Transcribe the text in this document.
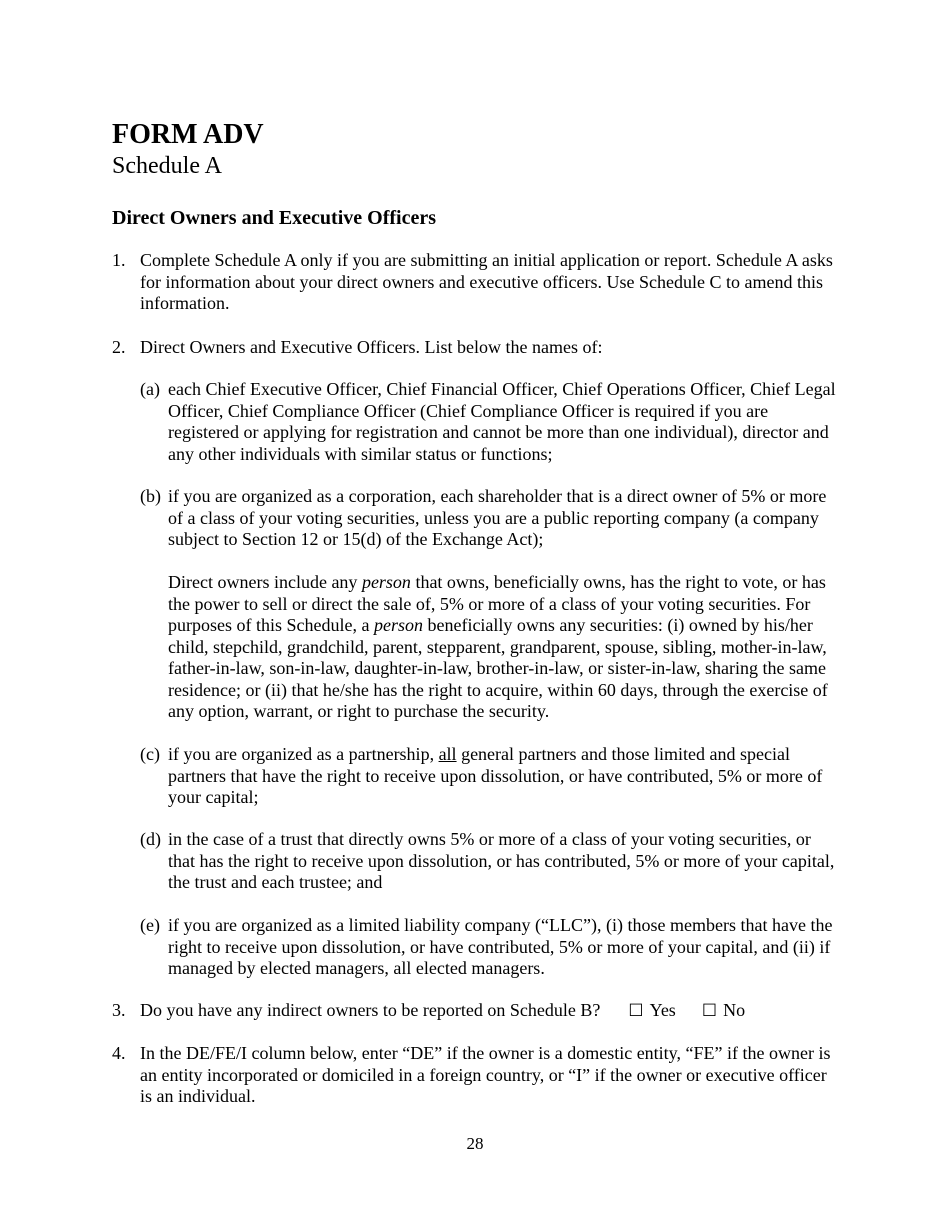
FORM ADV
Schedule A
Direct Owners and Executive Officers
1. Complete Schedule A only if you are submitting an initial application or report. Schedule A asks for information about your direct owners and executive officers. Use Schedule C to amend this information.
2. Direct Owners and Executive Officers. List below the names of:
(a) each Chief Executive Officer, Chief Financial Officer, Chief Operations Officer, Chief Legal Officer, Chief Compliance Officer (Chief Compliance Officer is required if you are registered or applying for registration and cannot be more than one individual), director and any other individuals with similar status or functions;
(b) if you are organized as a corporation, each shareholder that is a direct owner of 5% or more of a class of your voting securities, unless you are a public reporting company (a company subject to Section 12 or 15(d) of the Exchange Act);
Direct owners include any person that owns, beneficially owns, has the right to vote, or has the power to sell or direct the sale of, 5% or more of a class of your voting securities. For purposes of this Schedule, a person beneficially owns any securities: (i) owned by his/her child, stepchild, grandchild, parent, stepparent, grandparent, spouse, sibling, mother-in-law, father-in-law, son-in-law, daughter-in-law, brother-in-law, or sister-in-law, sharing the same residence; or (ii) that he/she has the right to acquire, within 60 days, through the exercise of any option, warrant, or right to purchase the security.
(c) if you are organized as a partnership, all general partners and those limited and special partners that have the right to receive upon dissolution, or have contributed, 5% or more of your capital;
(d) in the case of a trust that directly owns 5% or more of a class of your voting securities, or that has the right to receive upon dissolution, or has contributed, 5% or more of your capital, the trust and each trustee; and
(e) if you are organized as a limited liability company (“LLC”), (i) those members that have the right to receive upon dissolution, or have contributed, 5% or more of your capital, and (ii) if managed by elected managers, all elected managers.
3. Do you have any indirect owners to be reported on Schedule B? ☐ Yes ☐ No
4. In the DE/FE/I column below, enter “DE” if the owner is a domestic entity, “FE” if the owner is an entity incorporated or domiciled in a foreign country, or “I” if the owner or executive officer is an individual.
28
